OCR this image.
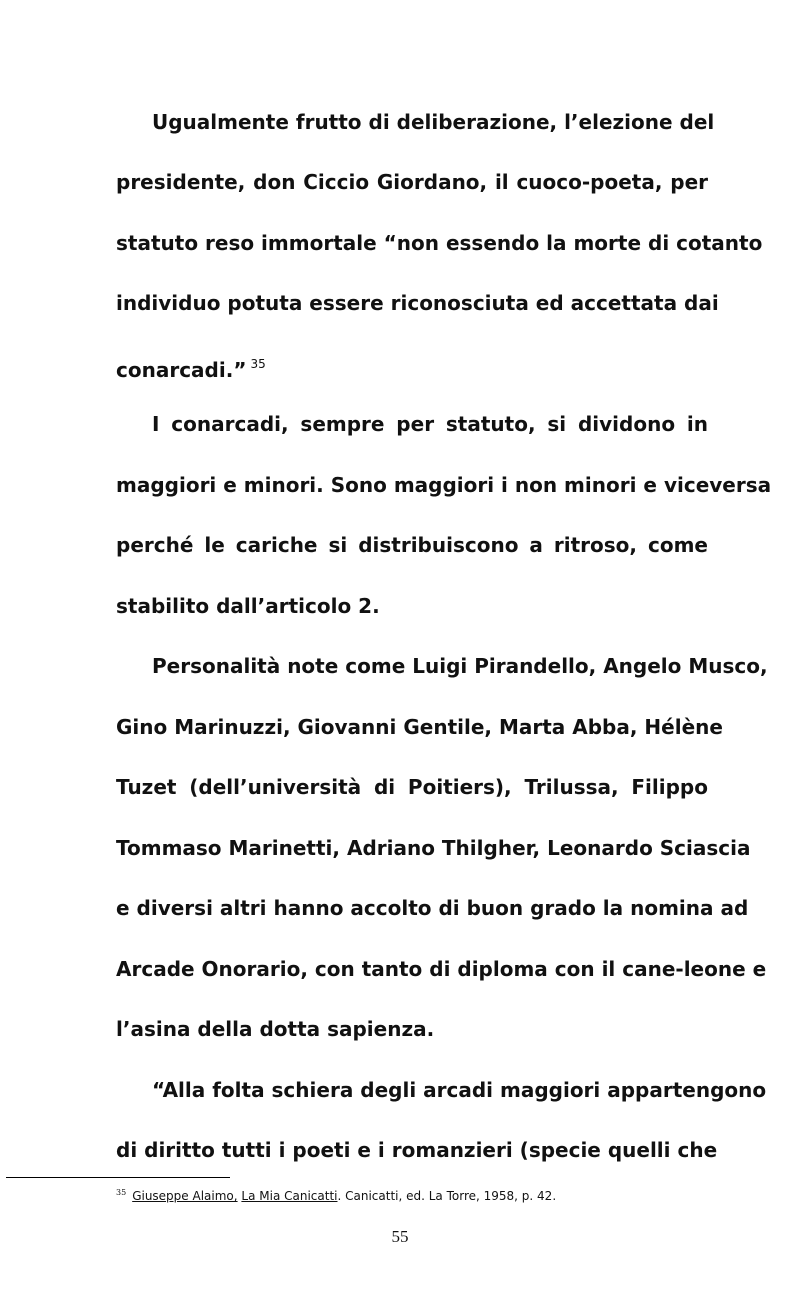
Ugualmente frutto di deliberazione, l’elezione del
presidente, don Ciccio Giordano, il cuoco-poeta, per
statuto reso immortale “non essendo la morte di cotanto
individuo potuta essere riconosciuta ed accettata dai
conarcadi.” $^{35}$
I conarcadi, sempre per statuto, si dividono in
maggiori e minori. Sono maggiori i non minori e viceversa
perché le cariche si distribuiscono a ritroso, come
stabilito dall’articolo 2.
Personalità note come Luigi Pirandello, Angelo Musco,
Gino Marinuzzi, Giovanni Gentile, Marta Abba, Hélène
Tuzet (dell’università di Poitiers), Trilussa, Filippo
Tommaso Marinetti, Adriano Thilgher, Leonardo Sciascia
e diversi altri hanno accolto di buon grado la nomina ad
Arcade Onorario, con tanto di diploma con il cane-leone e
l’asina della dotta sapienza.
“Alla folta schiera degli arcadi maggiori appartengono
di diritto tutti i poeti e i romanzieri (specie quelli che
$^{35}$ Giuseppe Alaimo, La Mia Canicatti. Canicatti, ed. La Torre, 1958, p. 42.
55
